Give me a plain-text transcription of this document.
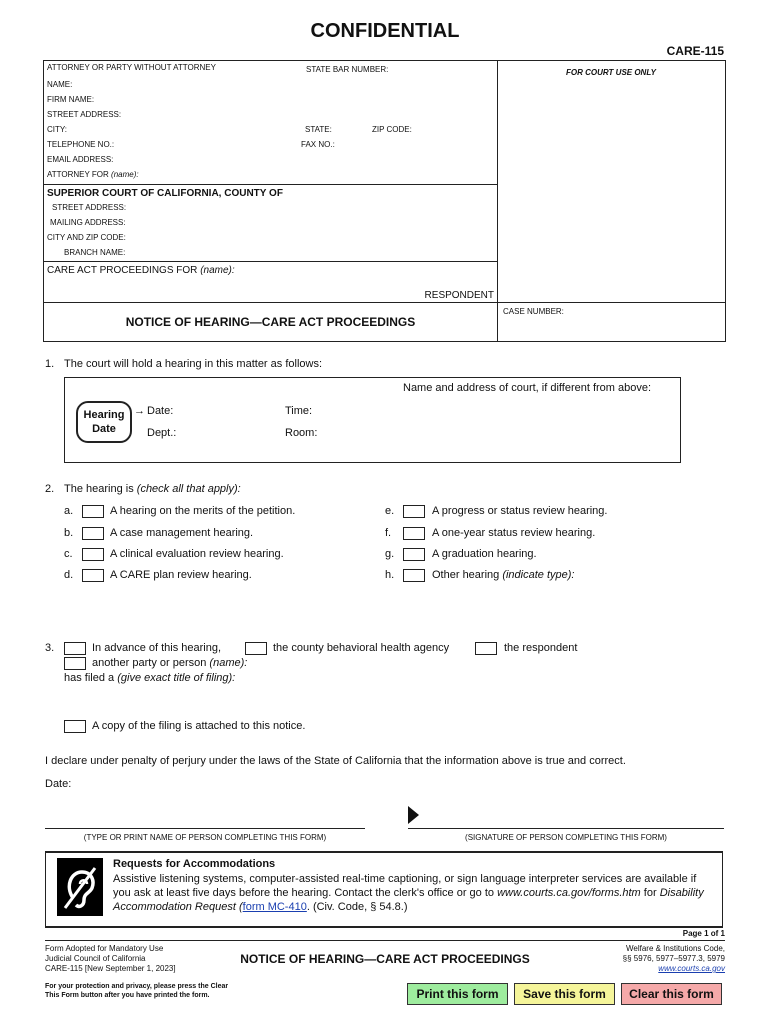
CONFIDENTIAL
CARE-115
ATTORNEY OR PARTY WITHOUT ATTORNEY	STATE BAR NUMBER:
NAME:
FIRM NAME:
STREET ADDRESS:
CITY:	STATE:	ZIP CODE:
TELEPHONE NO.:	FAX NO.:
EMAIL ADDRESS:
ATTORNEY FOR (name):
FOR COURT USE ONLY
SUPERIOR COURT OF CALIFORNIA, COUNTY OF
STREET ADDRESS:
MAILING ADDRESS:
CITY AND ZIP CODE:
BRANCH NAME:
CARE ACT PROCEEDINGS FOR (name):
RESPONDENT
NOTICE OF HEARING—CARE ACT PROCEEDINGS
CASE NUMBER:
1. The court will hold a hearing in this matter as follows:
Name and address of court, if different from above:
Hearing
Date
→ Date:	Time:
Dept.:	Room:
2. The hearing is (check all that apply):
a.	A hearing on the merits of the petition.
b.	A case management hearing.
c.	A clinical evaluation review hearing.
d.	A CARE plan review hearing.
e.	A progress or status review hearing.
f.	A one-year status review hearing.
g.	A graduation hearing.
h.	Other hearing (indicate type):
3.	In advance of this hearing,	the county behavioral health agency	the respondent
another party or person (name):
has filed a (give exact title of filing):
A copy of the filing is attached to this notice.
I declare under penalty of perjury under the laws of the State of California that the information above is true and correct.
Date:
(TYPE OR PRINT NAME OF PERSON COMPLETING THIS FORM)	(SIGNATURE OF PERSON COMPLETING THIS FORM)
Requests for Accommodations
Assistive listening systems, computer-assisted real-time captioning, or sign language interpreter services are available if you ask at least five days before the hearing. Contact the clerk's office or go to www.courts.ca.gov/forms.htm for Disability Accommodation Request (form MC-410. (Civ. Code, § 54.8.)
Page 1 of 1
Form Adopted for Mandatory Use
Judicial Council of California
CARE-115 [New September 1, 2023]
NOTICE OF HEARING—CARE ACT PROCEEDINGS
Welfare & Institutions Code,
§§ 5976, 5977–5977.3, 5979
www.courts.ca.gov
For your protection and privacy, please press the Clear
This Form button after you have printed the form.	Print this form	Save this form	Clear this form
